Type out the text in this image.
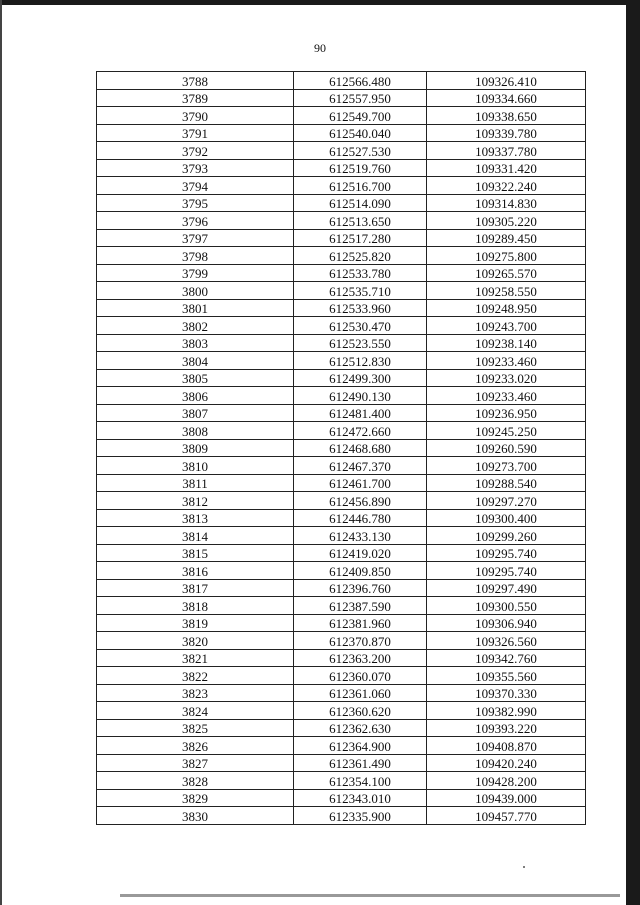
90
3788	612566.480	109326.410
3789	612557.950	109334.660
3790	612549.700	109338.650
3791	612540.040	109339.780
3792	612527.530	109337.780
3793	612519.760	109331.420
3794	612516.700	109322.240
3795	612514.090	109314.830
3796	612513.650	109305.220
3797	612517.280	109289.450
3798	612525.820	109275.800
3799	612533.780	109265.570
3800	612535.710	109258.550
3801	612533.960	109248.950
3802	612530.470	109243.700
3803	612523.550	109238.140
3804	612512.830	109233.460
3805	612499.300	109233.020
3806	612490.130	109233.460
3807	612481.400	109236.950
3808	612472.660	109245.250
3809	612468.680	109260.590
3810	612467.370	109273.700
3811	612461.700	109288.540
3812	612456.890	109297.270
3813	612446.780	109300.400
3814	612433.130	109299.260
3815	612419.020	109295.740
3816	612409.850	109295.740
3817	612396.760	109297.490
3818	612387.590	109300.550
3819	612381.960	109306.940
3820	612370.870	109326.560
3821	612363.200	109342.760
3822	612360.070	109355.560
3823	612361.060	109370.330
3824	612360.620	109382.990
3825	612362.630	109393.220
3826	612364.900	109408.870
3827	612361.490	109420.240
3828	612354.100	109428.200
3829	612343.010	109439.000
3830	612335.900	109457.770
